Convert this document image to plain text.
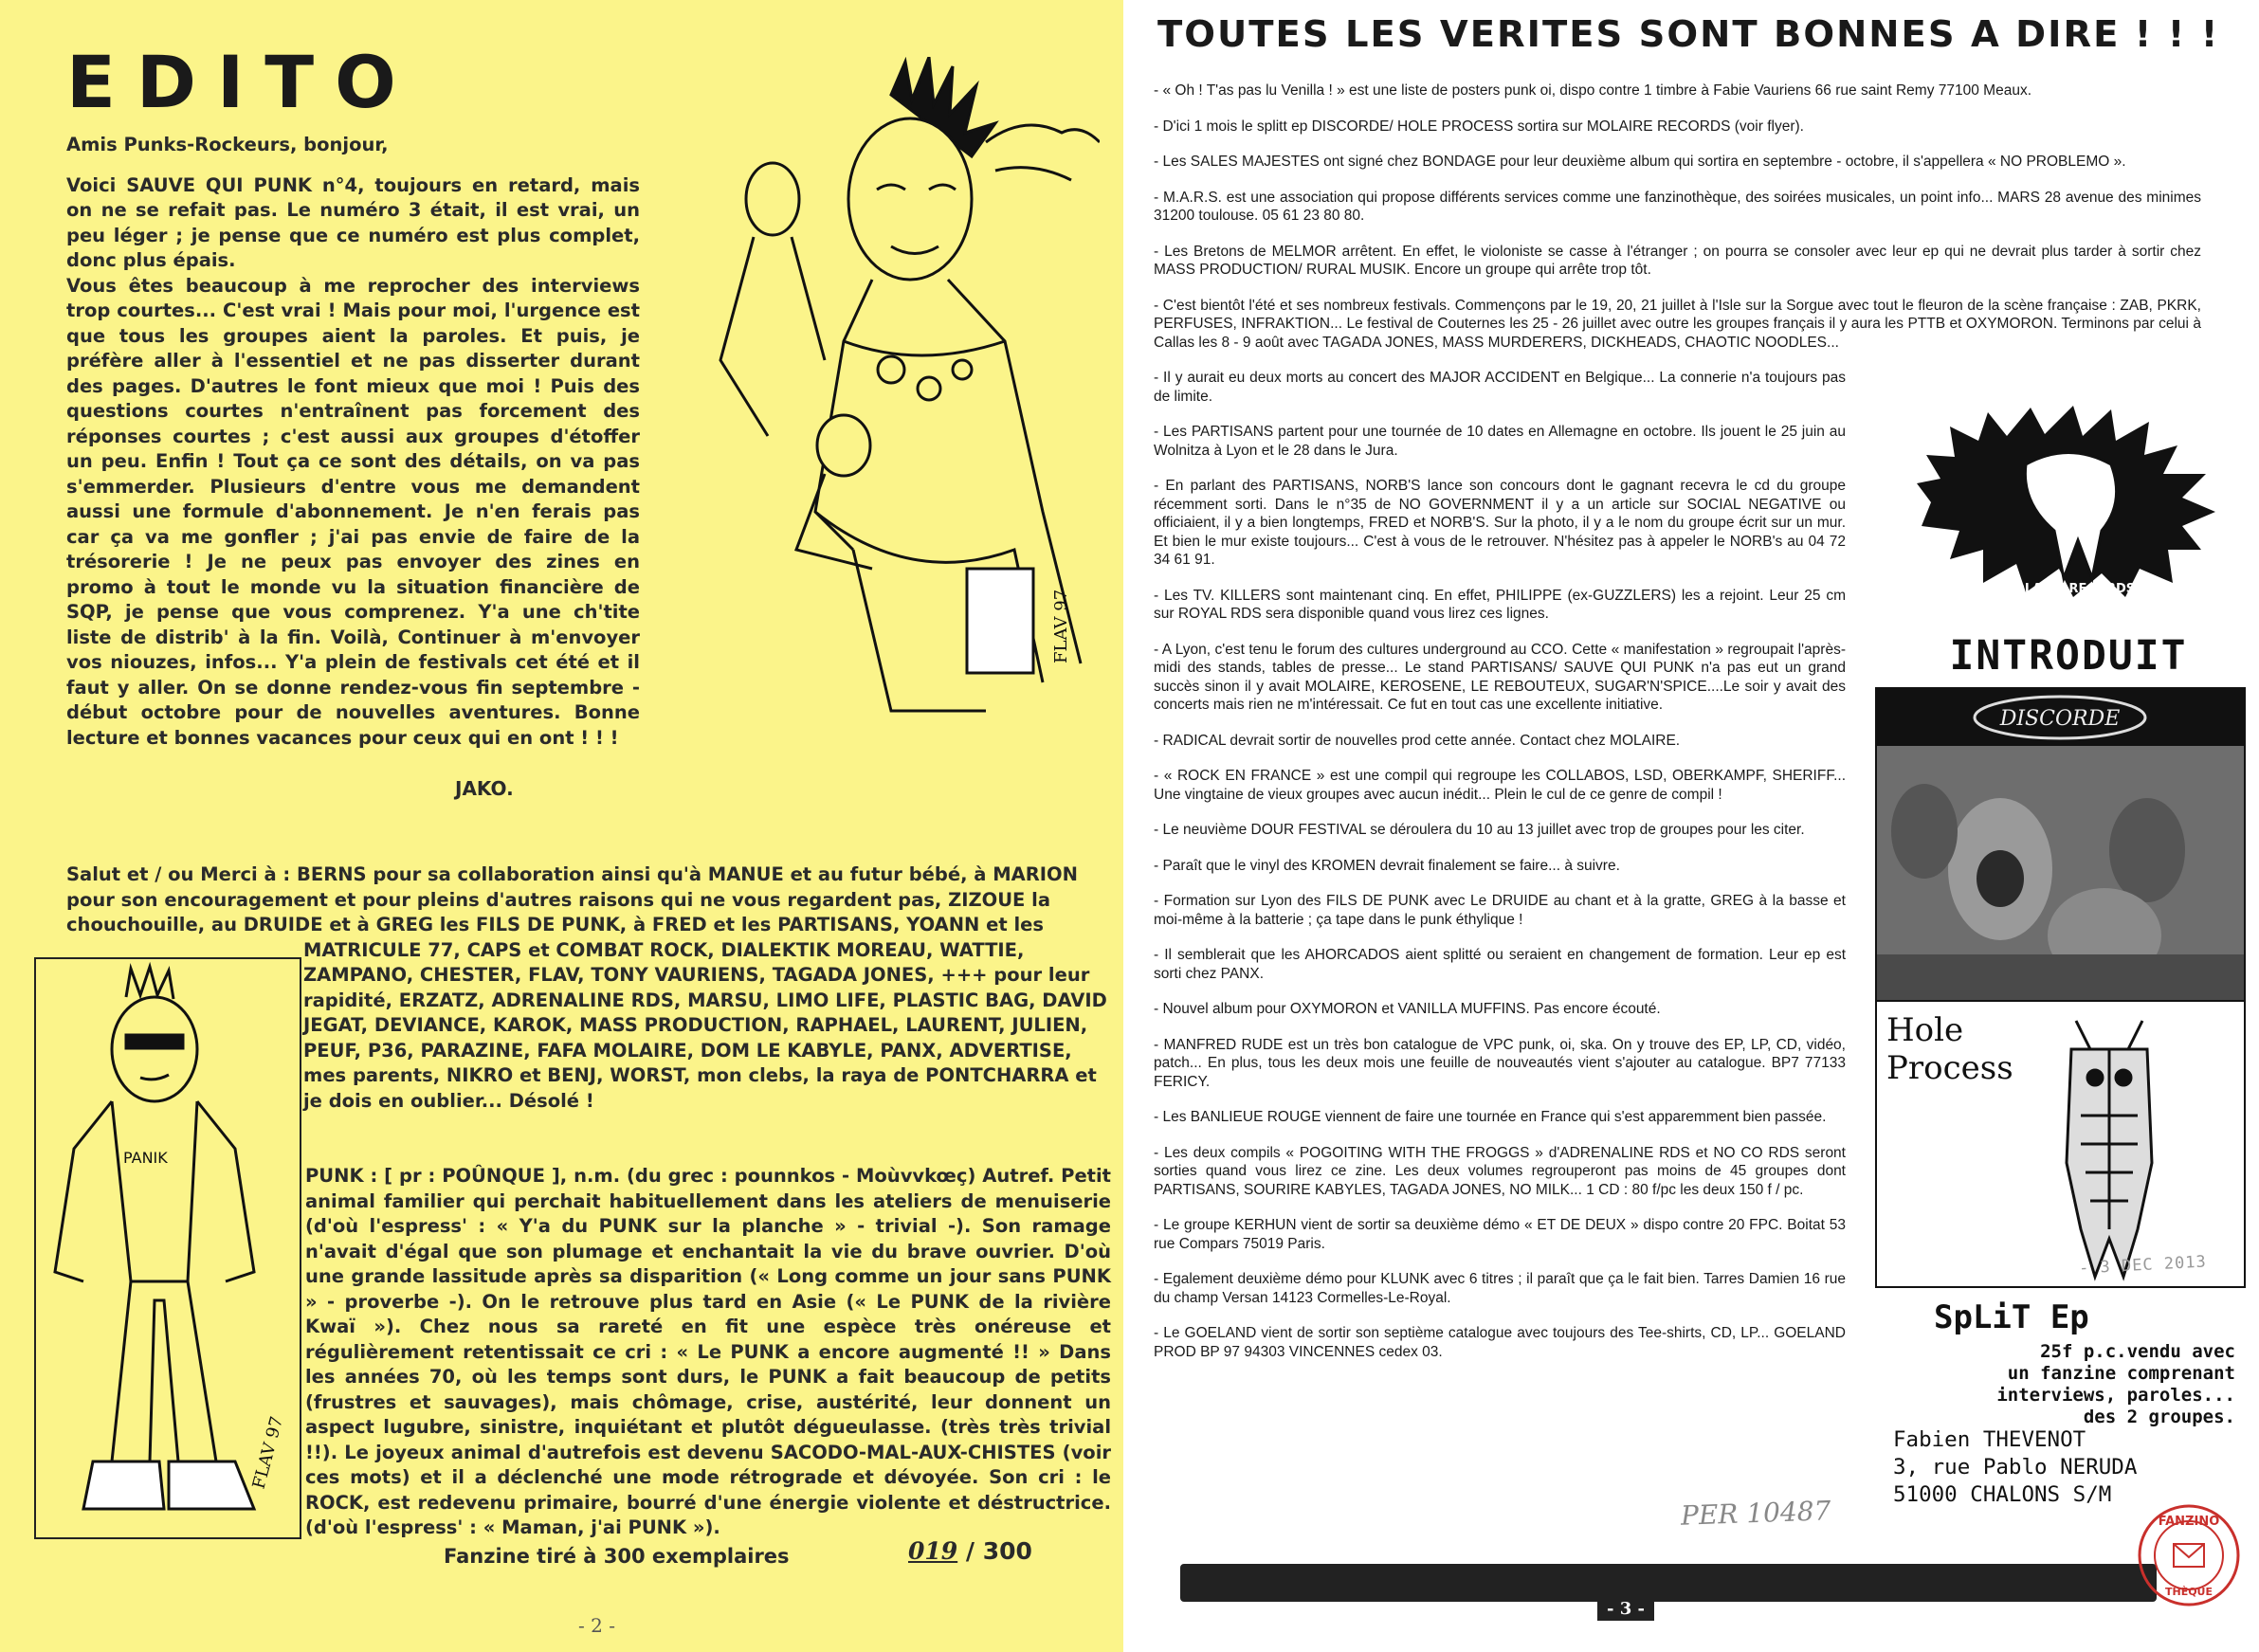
EDITO

Amis Punks-Rockeurs, bonjour,

Voici SAUVE QUI PUNK n°4, toujours en retard, mais on ne se refait pas. Le numéro 3 était, il est vrai, un peu léger ; je pense que ce numéro est plus complet, donc plus épais.

Vous êtes beaucoup à me reprocher des interviews trop courtes... C'est vrai ! Mais pour moi, l'urgence est que tous les groupes aient la paroles. Et puis, je préfère aller à l'essentiel et ne pas disserter durant des pages. D'autres le font mieux que moi ! Puis des questions courtes n'entraînent pas forcement des réponses courtes ; c'est aussi aux groupes d'étoffer un peu. Enfin ! Tout ça ce sont des détails, on va pas s'emmerder. Plusieurs d'entre vous me demandent aussi une formule d'abonnement. Je n'en ferais pas car ça va me gonfler ; j'ai pas envie de faire de la trésorerie ! Je ne peux pas envoyer des zines en promo à tout le monde vu la situation financière de SQP, je pense que vous comprenez. Y'a une ch'tite liste de distrib' à la fin. Voilà, Continuer à m'envoyer vos niouzes, infos... Y'a plein de festivals cet été et il faut y aller. On se donne rendez-vous fin septembre - début octobre pour de nouvelles aventures. Bonne lecture et bonnes vacances pour ceux qui en ont ! ! !

JAKO.
FLAV 97
Salut et / ou Merci à : BERNS pour sa collaboration ainsi qu'à MANUE et au futur bébé, à MARION pour son encouragement et pour pleins d'autres raisons qui ne vous regardent pas, ZIZOUE la chouchouille, au DRUIDE et à GREG les FILS DE PUNK, à FRED et les PARTISANS, YOANN et les
MATRICULE 77, CAPS et COMBAT ROCK, DIALEKTIK MOREAU, WATTIE, ZAMPANO, CHESTER, FLAV, TONY VAURIENS, TAGADA JONES, +++ pour leur rapidité, ERZATZ, ADRENALINE RDS, MARSU, LIMO LIFE, PLASTIC BAG, DAVID JEGAT, DEVIANCE, KAROK, MASS PRODUCTION, RAPHAEL, LAURENT, JULIEN, PEUF, P36, PARAZINE, FAFA MOLAIRE, DOM LE KABYLE, PANX, ADVERTISE, mes parents, NIKRO et BENJ, WORST, mon clebs, la raya de PONTCHARRA et je dois en oublier... Désolé !
PANIK
FLAV 97
PUNK : [ pr : POÛNQUE ], n.m. (du grec : pounnkos - Moùvvkœç) Autref. Petit animal familier qui perchait habituellement dans les ateliers de menuiserie (d'où l'espress' : « Y'a du PUNK sur la planche » - trivial -). Son ramage n'avait d'égal que son plumage et enchantait la vie du brave ouvrier. D'où une grande lassitude après sa disparition (« Long comme un jour sans PUNK » - proverbe -). On le retrouve plus tard en Asie (« Le PUNK de la rivière Kwaï »). Chez nous sa rareté en fit une espèce très onéreuse et régulièrement retentissait ce cri : « Le PUNK a encore augmenté !! » Dans les années 70, où les temps sont durs, le PUNK a fait beaucoup de petits (frustres et sauvages), mais chômage, crise, austérité, leur donnent un aspect lugubre, sinistre, inquiétant et plutôt dégueulasse. (très très trivial !!). Le joyeux animal d'autrefois est devenu SACODO-MAL-AUX-CHISTES (voir ces mots) et il a déclenché une mode rétrograde et dévoyée. Son cri : le ROCK, est redevenu primaire, bourré d'une énergie violente et déstructrice. (d'où l'espress' : « Maman, j'ai PUNK »).
Fanzine tiré à 300 exemplaires	019 / 300
- 2 -
TOUTES LES VERITES SONT BONNES A DIRE ! ! !

- « Oh ! T'as pas lu Venilla ! » est une liste de posters punk oi, dispo contre 1 timbre à Fabie Vauriens 66 rue saint Remy 77100 Meaux.

- D'ici 1 mois le splitt ep DISCORDE/ HOLE PROCESS sortira sur MOLAIRE RECORDS (voir flyer).

- Les SALES MAJESTES ont signé chez BONDAGE pour leur deuxième album qui sortira en septembre - octobre, il s'appellera « NO PROBLEMO ».

- M.A.R.S. est une association qui propose différents services comme une fanzinothèque, des soirées musicales, un point info... MARS 28 avenue des minimes 31200 toulouse. 05 61 23 80 80.

- Les Bretons de MELMOR arrêtent. En effet, le violoniste se casse à l'étranger ; on pourra se consoler avec leur ep qui ne devrait plus tarder à sortir chez MASS PRODUCTION/ RURAL MUSIK. Encore un groupe qui arrête trop tôt.

- C'est bientôt l'été et ses nombreux festivals. Commençons par le 19, 20, 21 juillet à l'Isle sur la Sorgue avec tout le fleuron de la scène française : ZAB, PKRK, PERFUSES, INFRAKTION... Le festival de Couternes les 25 - 26 juillet avec outre les groupes français il y aura les PTTB et OXYMORON. Terminons par celui à Callas les 8 - 9 août avec TAGADA JONES, MASS MURDERERS, DICKHEADS, CHAOTIC NOODLES...

- Il y aurait eu deux morts au concert des MAJOR ACCIDENT en Belgique... La connerie n'a toujours pas de limite.

- Les PARTISANS partent pour une tournée de 10 dates en Allemagne en octobre. Ils jouent le 25 juin au Wolnitza à Lyon et le 28 dans le Jura.

- En parlant des PARTISANS, NORB'S lance son concours dont le gagnant recevra le cd du groupe récemment sorti. Dans le n°35 de NO GOVERNMENT il y a un article sur SOCIAL NEGATIVE ou officiaient, il y a bien longtemps, FRED et NORB'S. Sur la photo, il y a le nom du groupe écrit sur un mur. Et bien le mur existe toujours... C'est à vous de le retrouver. N'hésitez pas à appeler le NORB's au 04 72 34 61 91.

- Les TV. KILLERS sont maintenant cinq. En effet, PHILIPPE (ex-GUZZLERS) les a rejoint. Leur 25 cm sur ROYAL RDS sera disponible quand vous lirez ces lignes.

- A Lyon, c'est tenu le forum des cultures underground au CCO. Cette « manifestation » regroupait l'après-midi des stands, tables de presse... Le stand PARTISANS/ SAUVE QUI PUNK n'a pas eut un grand succès sinon il y avait MOLAIRE, KEROSENE, LE REBOUTEUX, SUGAR'N'SPICE....Le soir y avait des concerts mais rien ne m'intéressait. Ce fut en tout cas une excellente initiative.

- RADICAL devrait sortir de nouvelles prod cette année. Contact chez MOLAIRE.

- « ROCK EN FRANCE » est une compil qui regroupe les COLLABOS, LSD, OBERKAMPF, SHERIFF... Une vingtaine de vieux groupes avec aucun inédit... Plein le cul de ce genre de compil !

- Le neuvième DOUR FESTIVAL se déroulera du 10 au 13 juillet avec trop de groupes pour les citer.

- Paraît que le vinyl des KROMEN devrait finalement se faire... à suivre.

- Formation sur Lyon des FILS DE PUNK avec Le DRUIDE au chant et à la gratte, GREG à la basse et moi-même à la batterie ; ça tape dans le punk éthylique !

- Il semblerait que les AHORCADOS aient splitté ou seraient en changement de formation. Leur ep est sorti chez PANX.

- Nouvel album pour OXYMORON et VANILLA MUFFINS. Pas encore écouté.

- MANFRED RUDE est un très bon catalogue de VPC punk, oi, ska. On y trouve des EP, LP, CD, vidéo, patch... En plus, tous les deux mois une feuille de nouveautés vient s'ajouter au catalogue. BP7 77133 FERICY.

- Les BANLIEUE ROUGE viennent de faire une tournée en France qui s'est apparemment bien passée.

- Les deux compils « POGOITING WITH THE FROGGS » d'ADRENALINE RDS et NO CO RDS seront sorties quand vous lirez ce zine. Les deux volumes regrouperont pas moins de 45 groupes dont PARTISANS, SOURIRE KABYLES, TAGADA JONES, NO MILK... 1 CD : 80 f/pc les deux 150 f / pc.

- Le groupe KERHUN vient de sortir sa deuxième démo « ET DE DEUX » dispo contre 20 FPC. Boitat 53 rue Compars 75019 Paris.

- Egalement deuxième démo pour KLUNK avec 6 titres ; il paraît que ça le fait bien. Tarres Damien 16 rue du champ Versan 14123 Cormelles-Le-Royal.

- Le GOELAND vient de sortir son septième catalogue avec toujours des Tee-shirts, CD, LP... GOELAND PROD BP 97 94303 VINCENNES cedex 03.

MOLAIRE RECORDS
INTRODUIT
DISCORDE
Hole
Process
- 3 DEC 2013
SpLiT Ep
25f p.c.vendu avec
un fanzine comprenant
interviews, paroles...
des 2 groupes.
Fabien THEVENOT
3, rue Pablo NERUDA
51000 CHALONS S/M
PER 10487
- 3 -
FANZINO
THÈQUE
